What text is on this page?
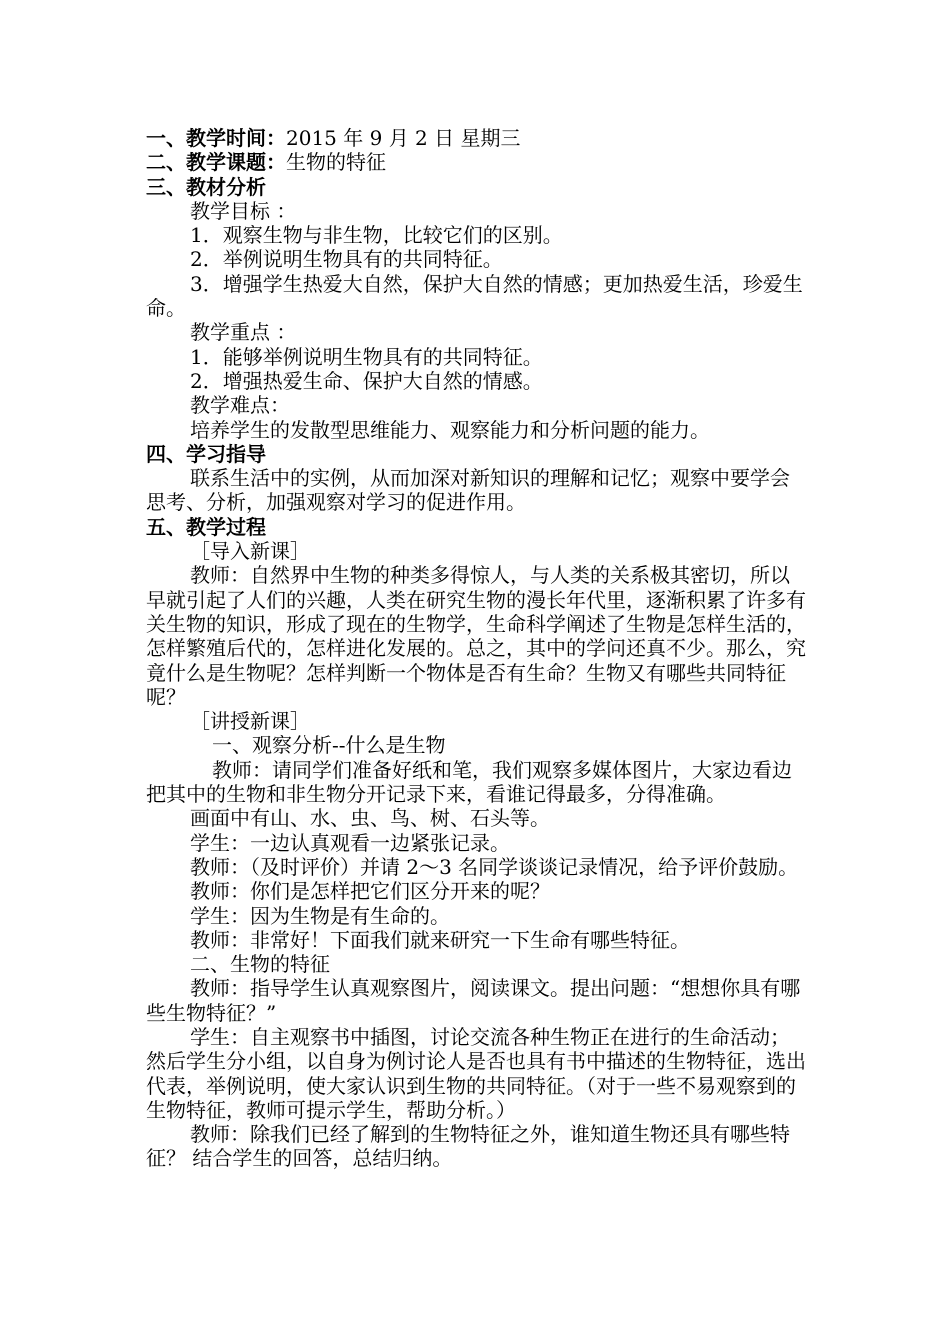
一、教学时间：2015 年 9 月 2 日 星期三

二、教学课题：生物的特征

三、教材分析

教学目标 ：

1．观察生物与非生物，比较它们的区别。

2．举例说明生物具有的共同特征。

3．增强学生热爱大自然，保护大自然的情感；更加热爱生活，珍爱生命。

教学重点 ：

1．能够举例说明生物具有的共同特征。

2．增强热爱生命、保护大自然的情感。

教学难点：

培养学生的发散型思维能力、观察能力和分析问题的能力。

四、学习指导

联系生活中的实例，从而加深对新知识的理解和记忆；观察中要学会思考、分析，加强观察对学习的促进作用。

五、教学过程

［导入新课］

教师：自然界中生物的种类多得惊人，与人类的关系极其密切，所以早就引起了人们的兴趣，人类在研究生物的漫长年代里，逐渐积累了许多有关生物的知识，形成了现在的生物学，生命科学阐述了生物是怎样生活的，怎样繁殖后代的，怎样进化发展的。总之，其中的学问还真不少。那么，究竟什么是生物呢？怎样判断一个物体是否有生命？生物又有哪些共同特征呢？

［讲授新课］

一、观察分析--什么是生物

教师：请同学们准备好纸和笔，我们观察多媒体图片，大家边看边把其中的生物和非生物分开记录下来，看谁记得最多，分得准确。

画面中有山、水、虫、鸟、树、石头等。

学生：一边认真观看一边紧张记录。

教师：（及时评价）并请 2～3 名同学谈谈记录情况，给予评价鼓励。

教师：你们是怎样把它们区分开来的呢？

学生：因为生物是有生命的。

教师：非常好！下面我们就来研究一下生命有哪些特征。

二、生物的特征

教师：指导学生认真观察图片，阅读课文。提出问题：“想想你具有哪些生物特征？”

学生：自主观察书中插图，讨论交流各种生物正在进行的生命活动；然后学生分小组，以自身为例讨论人是否也具有书中描述的生物特征，选出代表，举例说明，使大家认识到生物的共同特征。（对于一些不易观察到的生物特征，教师可提示学生，帮助分析。）

教师：除我们已经了解到的生物特征之外，谁知道生物还具有哪些特征？ 结合学生的回答，总结归纳。
